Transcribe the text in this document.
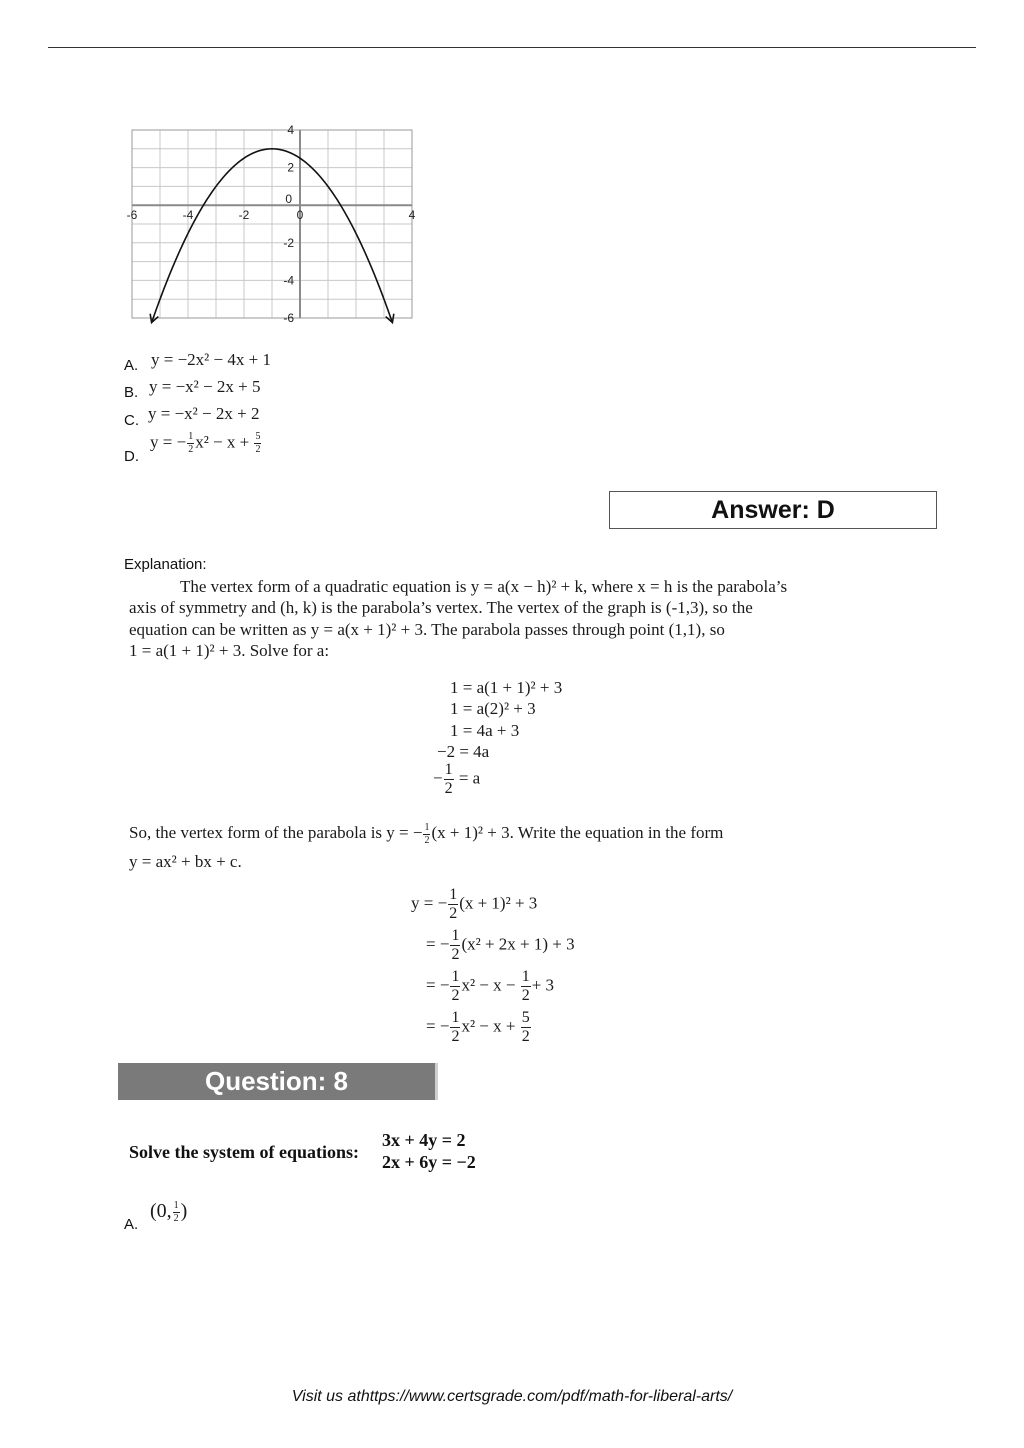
-6	-4	-2	0	4
4
2
0
-2
-4
-6
A. y = −2x² − 4x + 1
B. y = −x² − 2x + 5
C. y = −x² − 2x + 2
D.
y = − $\frac{1}{2} x^2 - x + \frac{5}{2}$
Answer: D
Explanation:
The vertex form of a quadratic equation is y = a(x − h)² + k, where x = h is the parabola’s
axis of symmetry and (h, k) is the parabola’s vertex. The vertex of the graph is (-1,3), so the
equation can be written as y = a(x + 1)² + 3. The parabola passes through point (1,1), so
1 = a(1 + 1)² + 3. Solve for a:
1 = a(1 + 1)² + 3
1 = a(2)² + 3
1 = 4a + 3
−2 = 4a
− $\frac{1}{2} = a$
So, the vertex form of the parabola is y = − $\frac{1}{2} (x + 1)^2 + 3$. Write the equation in the form
y = ax² + bx + c.
y = − $\frac{1}{2} (x + 1)^2 + 3$
= − $\frac{1}{2} (x^2 + 2x + 1) + 3$
= − $\frac{1}{2} x^2 - x - \frac{1}{2} + 3$
= − $\frac{1}{2} x^2 - x + \frac{5}{2}$
Question: 8
Solve the system of equations:
3x + 4y = 2
2x + 6y = −2
A.
(0, $\frac{1}{2}$ )
Visit us athttps://www.certsgrade.com/pdf/math-for-liberal-arts/
